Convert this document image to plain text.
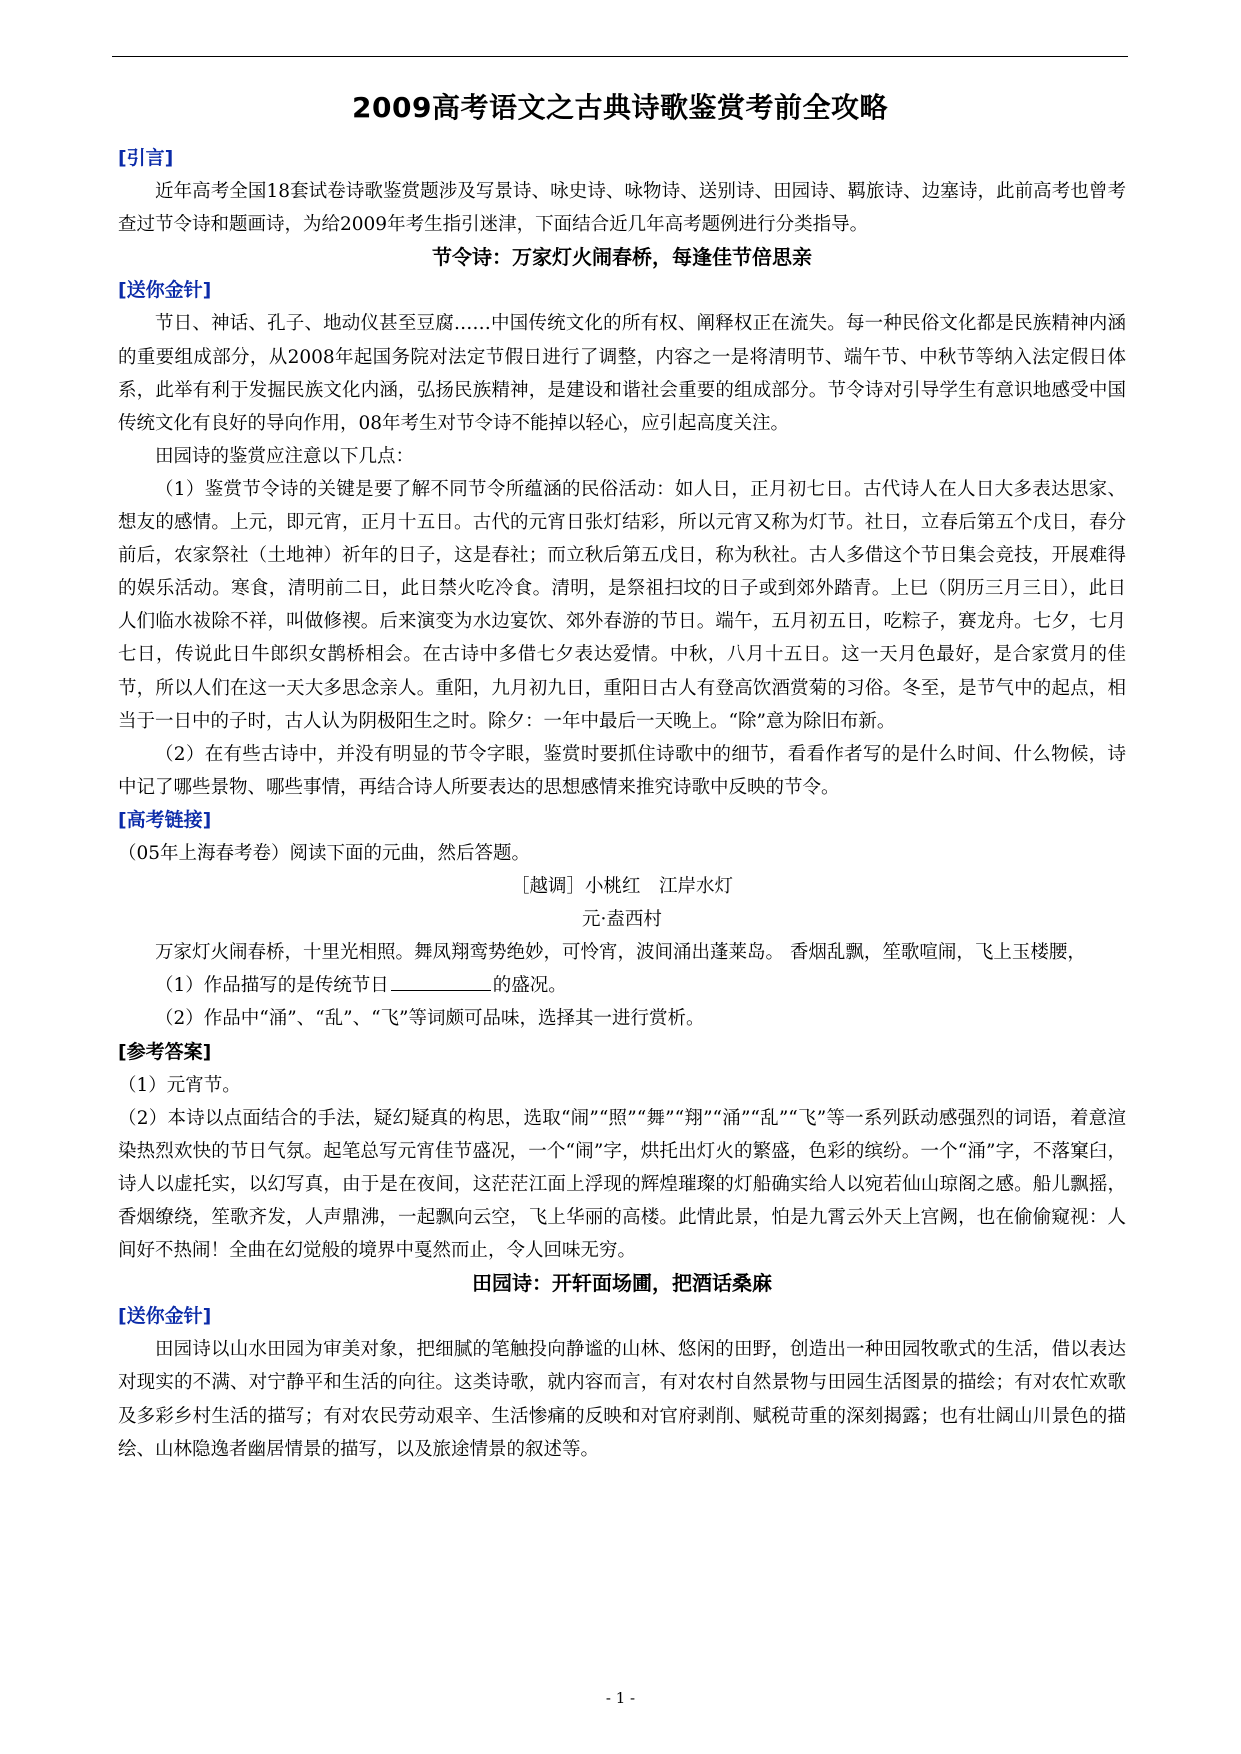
2009高考语文之古典诗歌鉴赏考前全攻略

[引言]

近年高考全国18套试卷诗歌鉴赏题涉及写景诗、咏史诗、咏物诗、送别诗、田园诗、羁旅诗、边塞诗，此前高考也曾考查过节令诗和题画诗，为给2009年考生指引迷津，下面结合近几年高考题例进行分类指导。

节令诗：万家灯火闹春桥，每逢佳节倍思亲

[送你金针]

节日、神话、孔子、地动仪甚至豆腐……中国传统文化的所有权、阐释权正在流失。每一种民俗文化都是民族精神内涵的重要组成部分，从2008年起国务院对法定节假日进行了调整，内容之一是将清明节、端午节、中秋节等纳入法定假日体系，此举有利于发掘民族文化内涵，弘扬民族精神，是建设和谐社会重要的组成部分。节令诗对引导学生有意识地感受中国传统文化有良好的导向作用，08年考生对节令诗不能掉以轻心，应引起高度关注。

田园诗的鉴赏应注意以下几点：

（1）鉴赏节令诗的关键是要了解不同节令所蕴涵的民俗活动：如人日，正月初七日。古代诗人在人日大多表达思家、想友的感情。上元，即元宵，正月十五日。古代的元宵日张灯结彩，所以元宵又称为灯节。社日，立春后第五个戊日，春分前后，农家祭社（土地神）祈年的日子，这是春社；而立秋后第五戊日，称为秋社。古人多借这个节日集会竞技，开展难得的娱乐活动。寒食，清明前二日，此日禁火吃冷食。清明，是祭祖扫坟的日子或到郊外踏青。上巳（阴历三月三日），此日人们临水祓除不祥，叫做修禊。后来演变为水边宴饮、郊外春游的节日。端午，五月初五日，吃粽子，赛龙舟。七夕，七月七日，传说此日牛郎织女鹊桥相会。在古诗中多借七夕表达爱情。中秋，八月十五日。这一天月色最好，是合家赏月的佳节，所以人们在这一天大多思念亲人。重阳，九月初九日，重阳日古人有登高饮酒赏菊的习俗。冬至，是节气中的起点，相当于一日中的子时，古人认为阴极阳生之时。除夕：一年中最后一天晚上。“除”意为除旧布新。

（2）在有些古诗中，并没有明显的节令字眼，鉴赏时要抓住诗歌中的细节，看看作者写的是什么时间、什么物候，诗中记了哪些景物、哪些事情，再结合诗人所要表达的思想感情来推究诗歌中反映的节令。

[高考链接]

（05年上海春考卷）阅读下面的元曲，然后答题。

［越调］小桃红　江岸水灯

元·盍西村

万家灯火闹春桥，十里光相照。舞凤翔鸾势绝妙，可怜宵，波间涌出蓬莱岛。 香烟乱飘，笙歌喧闹，飞上玉楼腰，

（1）作品描写的是传统节日	的盛况。

（2）作品中“涌”、“乱”、“飞”等词颇可品味，选择其一进行赏析。

[参考答案]

（1）元宵节。

（2）本诗以点面结合的手法，疑幻疑真的构思，选取“闹”“照”“舞”“翔”“涌”“乱”“飞”等一系列跃动感强烈的词语，着意渲染热烈欢快的节日气氛。起笔总写元宵佳节盛况，一个“闹”字，烘托出灯火的繁盛，色彩的缤纷。一个“涌”字，不落窠臼，诗人以虚托实，以幻写真，由于是在夜间，这茫茫江面上浮现的辉煌璀璨的灯船确实给人以宛若仙山琼阁之感。船儿飘摇，香烟缭绕，笙歌齐发，人声鼎沸，一起飘向云空，飞上华丽的高楼。此情此景，怕是九霄云外天上宫阙，也在偷偷窥视：人间好不热闹！全曲在幻觉般的境界中戛然而止，令人回味无穷。

田园诗：开轩面场圃，把酒话桑麻

[送你金针]

田园诗以山水田园为审美对象，把细腻的笔触投向静谧的山林、悠闲的田野，创造出一种田园牧歌式的生活，借以表达对现实的不满、对宁静平和生活的向往。这类诗歌，就内容而言，有对农村自然景物与田园生活图景的描绘；有对农忙欢歌及多彩乡村生活的描写；有对农民劳动艰辛、生活惨痛的反映和对官府剥削、赋税苛重的深刻揭露；也有壮阔山川景色的描绘、山林隐逸者幽居情景的描写，以及旅途情景的叙述等。

- 1 -
